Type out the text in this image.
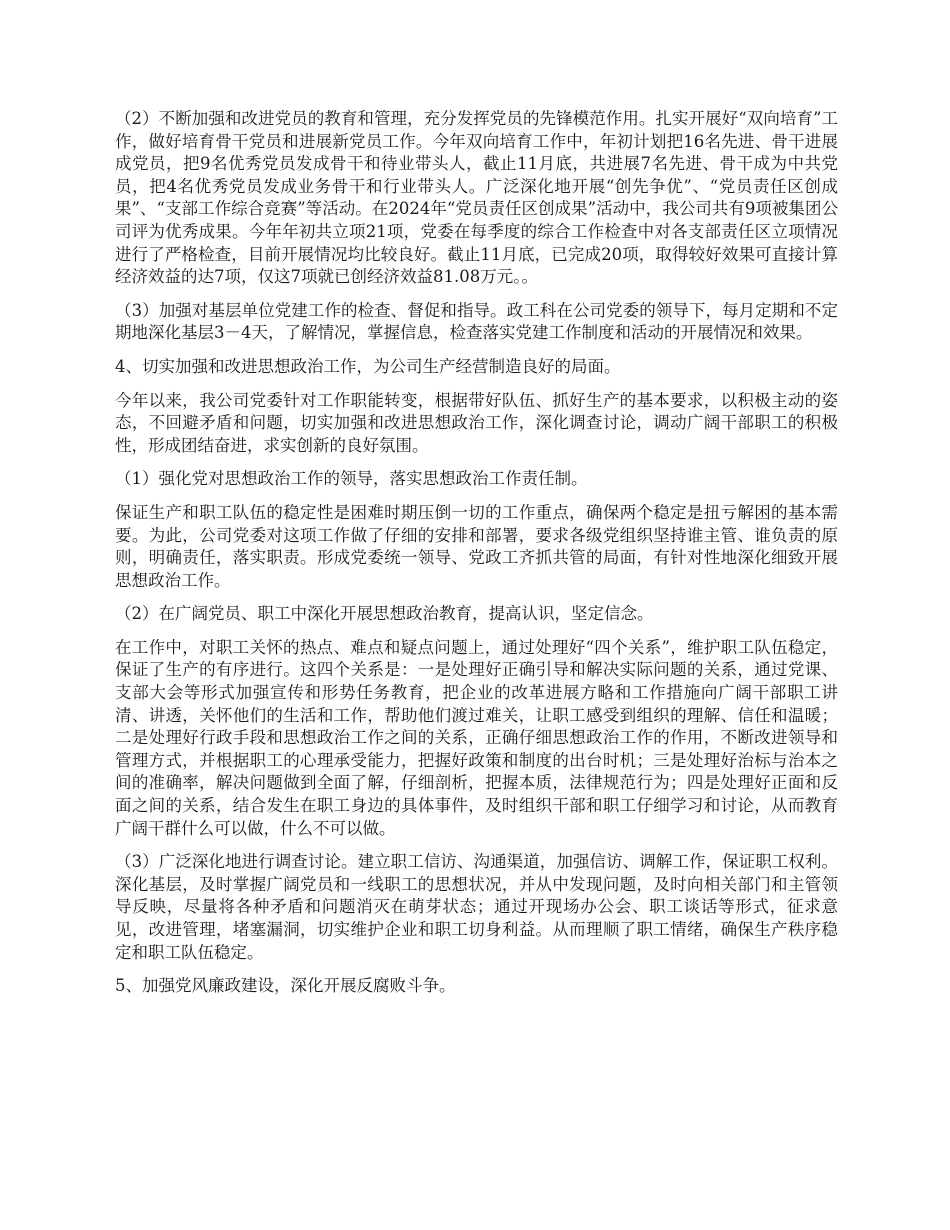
（2）不断加强和改进党员的教育和管理，充分发挥党员的先锋模范作用。扎实开展好“双向培育”工作，做好培育骨干党员和进展新党员工作。今年双向培育工作中，年初计划把16名先进、骨干进展成党员，把9名优秀党员发成骨干和待业带头人，截止11月底，共进展7名先进、骨干成为中共党员，把4名优秀党员发成业务骨干和行业带头人。广泛深化地开展“创先争优”、“党员责任区创成果”、“支部工作综合竞赛”等活动。在2024年“党员责任区创成果”活动中，我公司共有9项被集团公司评为优秀成果。今年年初共立项21项，党委在每季度的综合工作检查中对各支部责任区立项情况进行了严格检查，目前开展情况均比较良好。截止11月底，已完成20项，取得较好效果可直接计算经济效益的达7项，仅这7项就已创经济效益81.08万元。。

（3）加强对基层单位党建工作的检查、督促和指导。政工科在公司党委的领导下，每月定期和不定期地深化基层3－4天，了解情况，掌握信息，检查落实党建工作制度和活动的开展情况和效果。

4、切实加强和改进思想政治工作，为公司生产经营制造良好的局面。

今年以来，我公司党委针对工作职能转变，根据带好队伍、抓好生产的基本要求，以积极主动的姿态，不回避矛盾和问题，切实加强和改进思想政治工作，深化调查讨论，调动广阔干部职工的积极性，形成团结奋进，求实创新的良好氛围。

（1）强化党对思想政治工作的领导，落实思想政治工作责任制。

保证生产和职工队伍的稳定性是困难时期压倒一切的工作重点，确保两个稳定是扭亏解困的基本需要。为此，公司党委对这项工作做了仔细的安排和部署，要求各级党组织坚持谁主管、谁负责的原则，明确责任，落实职责。形成党委统一领导、党政工齐抓共管的局面，有针对性地深化细致开展思想政治工作。

（2）在广阔党员、职工中深化开展思想政治教育，提高认识，坚定信念。

在工作中，对职工关怀的热点、难点和疑点问题上，通过处理好“四个关系”，维护职工队伍稳定，保证了生产的有序进行。这四个关系是：一是处理好正确引导和解决实际问题的关系，通过党课、支部大会等形式加强宣传和形势任务教育，把企业的改革进展方略和工作措施向广阔干部职工讲清、讲透，关怀他们的生活和工作，帮助他们渡过难关，让职工感受到组织的理解、信任和温暖；二是处理好行政手段和思想政治工作之间的关系，正确仔细思想政治工作的作用，不断改进领导和管理方式，并根据职工的心理承受能力，把握好政策和制度的出台时机；三是处理好治标与治本之间的准确率，解决问题做到全面了解，仔细剖析，把握本质，法律规范行为；四是处理好正面和反面之间的关系，结合发生在职工身边的具体事件，及时组织干部和职工仔细学习和讨论，从而教育广阔干群什么可以做，什么不可以做。

（3）广泛深化地进行调查讨论。建立职工信访、沟通渠道，加强信访、调解工作，保证职工权利。深化基层，及时掌握广阔党员和一线职工的思想状况，并从中发现问题，及时向相关部门和主管领导反映，尽量将各种矛盾和问题消灭在萌芽状态；通过开现场办公会、职工谈话等形式，征求意见，改进管理，堵塞漏洞，切实维护企业和职工切身利益。从而理顺了职工情绪，确保生产秩序稳定和职工队伍稳定。

5、加强党风廉政建设，深化开展反腐败斗争。
